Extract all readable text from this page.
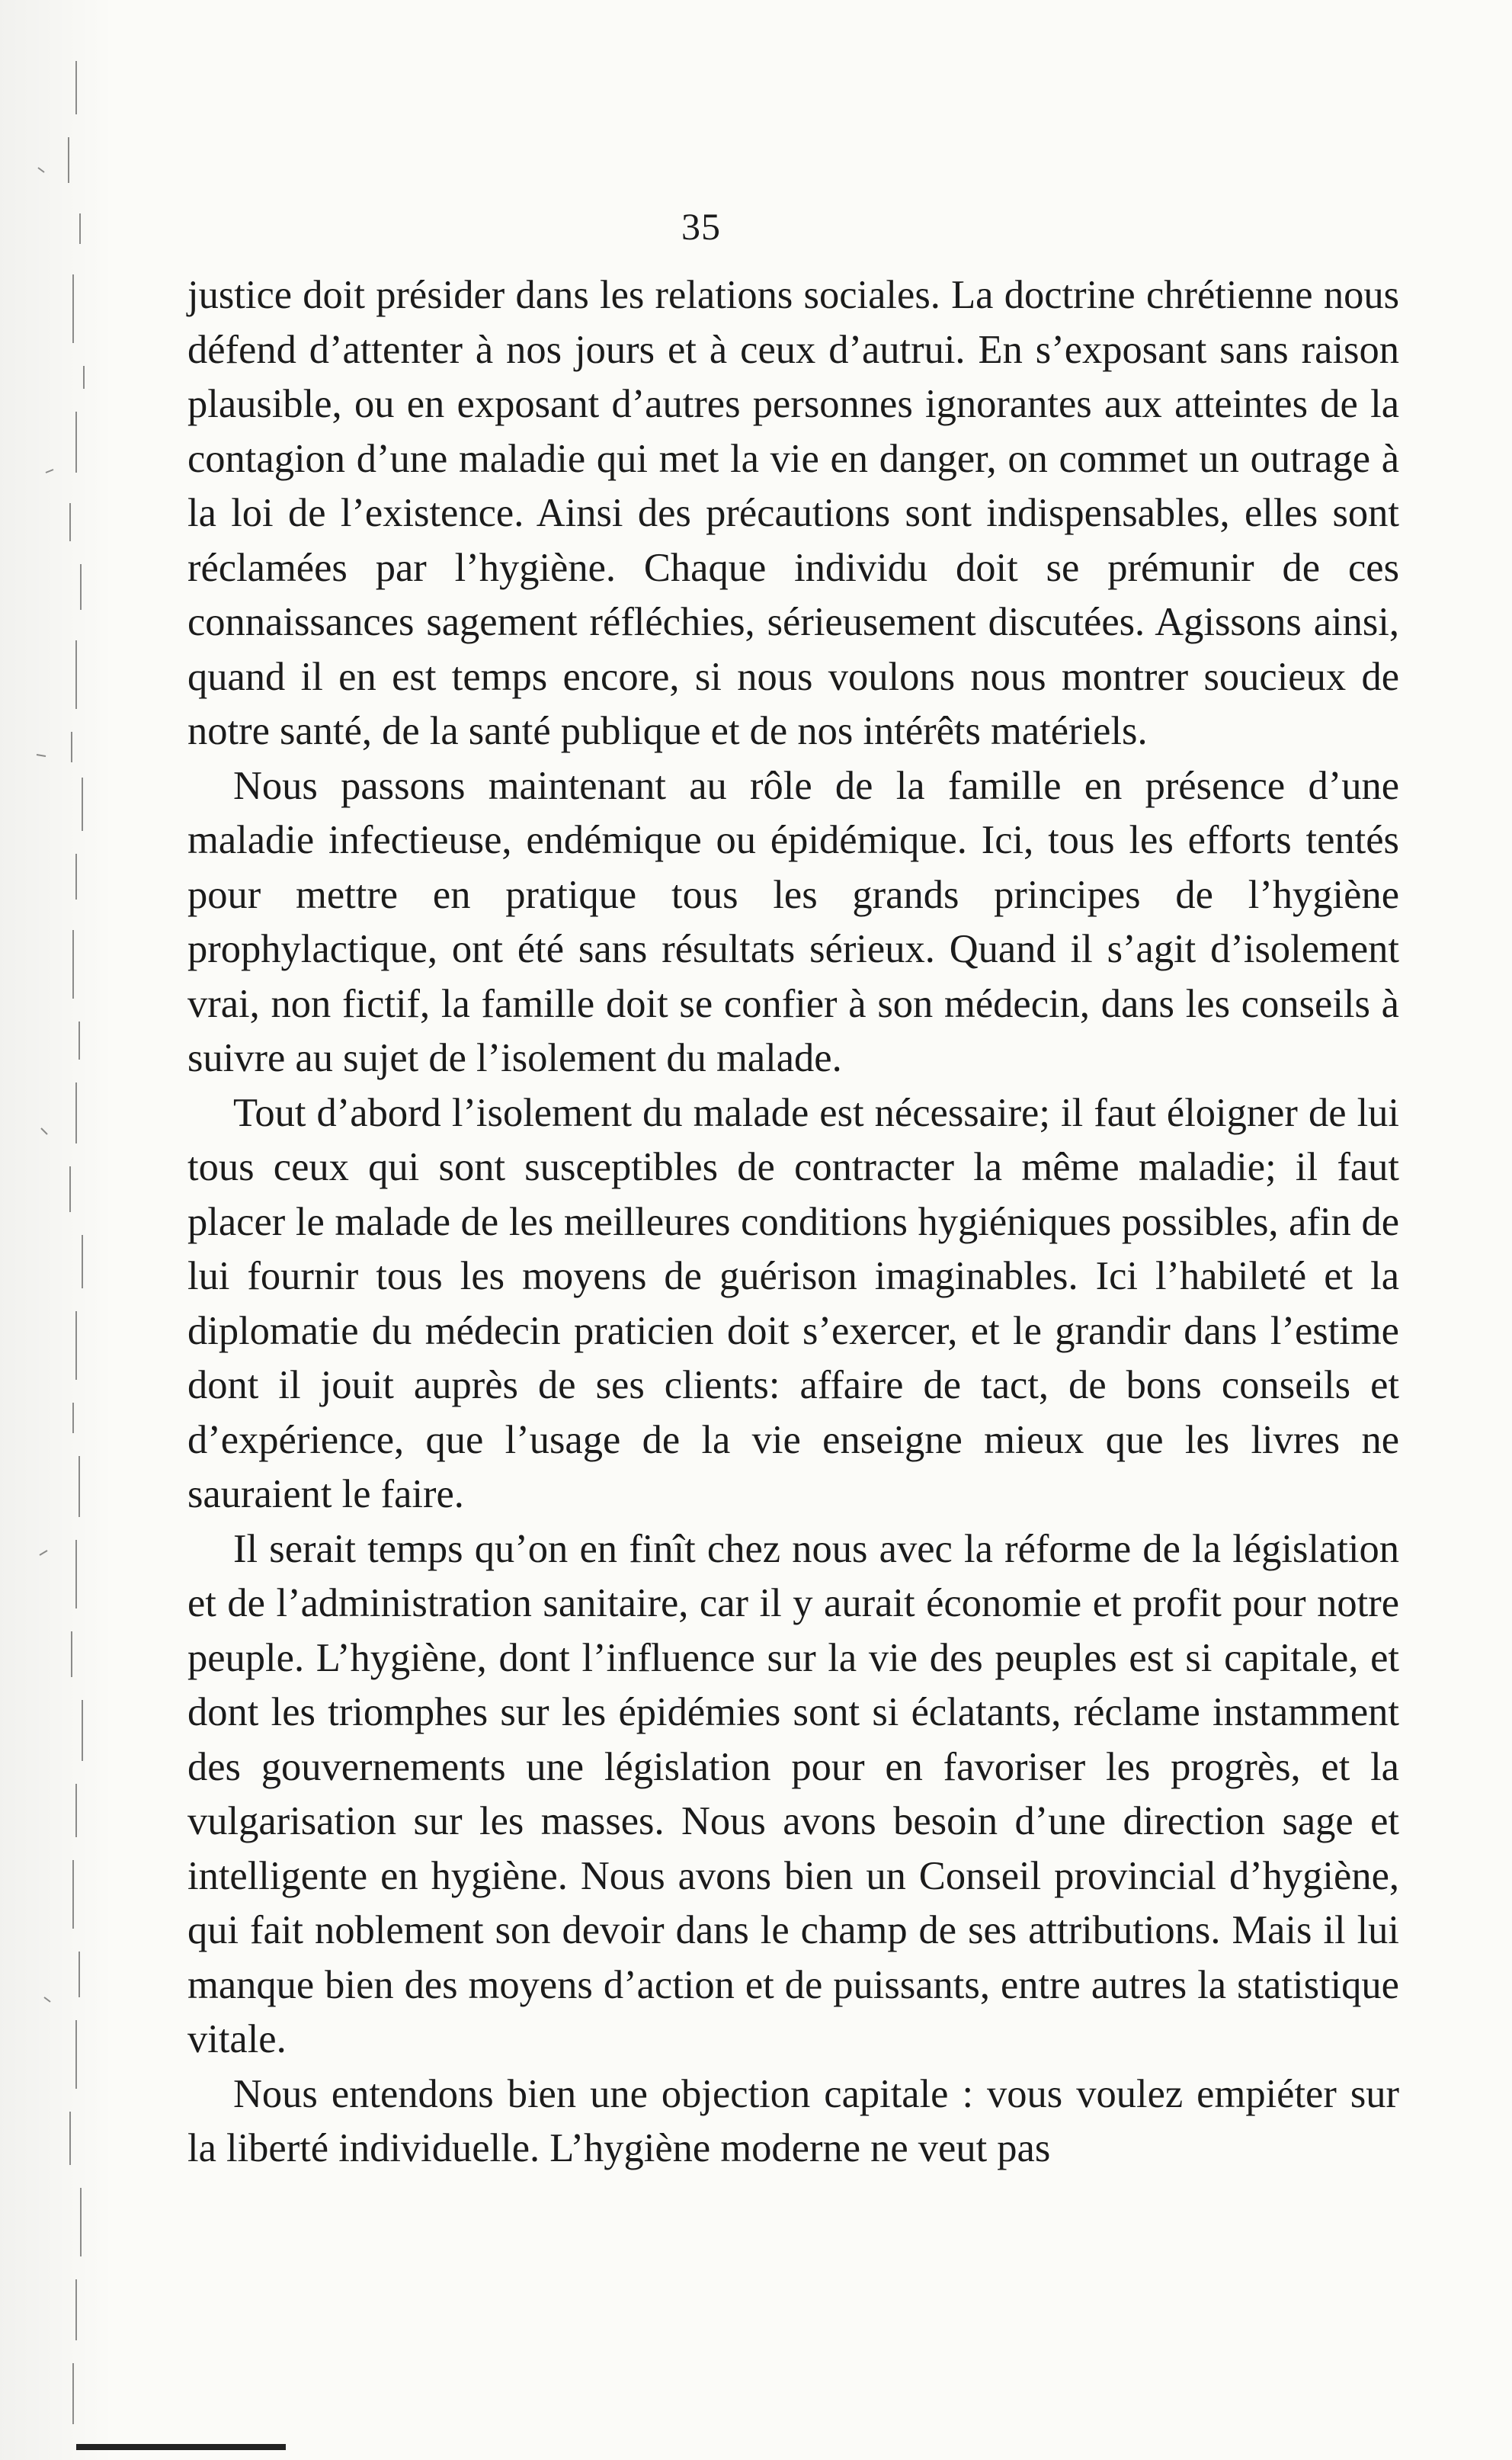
35

justice doit présider dans les relations sociales. La doctrine chrétienne nous défend d’attenter à nos jours et à ceux d’autrui. En s’exposant sans raison plausible, ou en exposant d’autres personnes ignorantes aux atteintes de la contagion d’une maladie qui met la vie en danger, on commet un outrage à la loi de l’existence. Ainsi des précautions sont indispensables, elles sont réclamées par l’hygiène. Chaque individu doit se prémunir de ces connaissances sagement réfléchies, sérieusement discutées. Agissons ainsi, quand il en est temps encore, si nous voulons nous montrer soucieux de notre santé, de la santé publique et de nos intérêts matériels.

Nous passons maintenant au rôle de la famille en présence d’une maladie infectieuse, endémique ou épidémique. Ici, tous les efforts tentés pour mettre en pratique tous les grands principes de l’hygiène prophylactique, ont été sans résultats sérieux. Quand il s’agit d’isolement vrai, non fictif, la famille doit se confier à son médecin, dans les conseils à suivre au sujet de l’isolement du malade.

Tout d’abord l’isolement du malade est nécessaire; il faut éloigner de lui tous ceux qui sont susceptibles de contracter la même maladie; il faut placer le malade de les meilleures conditions hygiéniques possibles, afin de lui fournir tous les moyens de guérison imaginables. Ici l’habileté et la diplomatie du médecin praticien doit s’exercer, et le grandir dans l’estime dont il jouit auprès de ses clients: affaire de tact, de bons conseils et d’expérience, que l’usage de la vie enseigne mieux que les livres ne sauraient le faire.

Il serait temps qu’on en finît chez nous avec la réforme de la législation et de l’administration sanitaire, car il y aurait économie et profit pour notre peuple. L’hygiène, dont l’influence sur la vie des peuples est si capitale, et dont les triomphes sur les épidémies sont si éclatants, réclame instamment des gouvernements une législation pour en favoriser les progrès, et la vulgarisation sur les masses. Nous avons besoin d’une direction sage et intelligente en hygiène. Nous avons bien un Conseil provincial d’hygiène, qui fait noblement son devoir dans le champ de ses attributions. Mais il lui manque bien des moyens d’action et de puissants, entre autres la statistique vitale.

Nous entendons bien une objection capitale : vous voulez empiéter sur la liberté individuelle. L’hygiène moderne ne veut pas
